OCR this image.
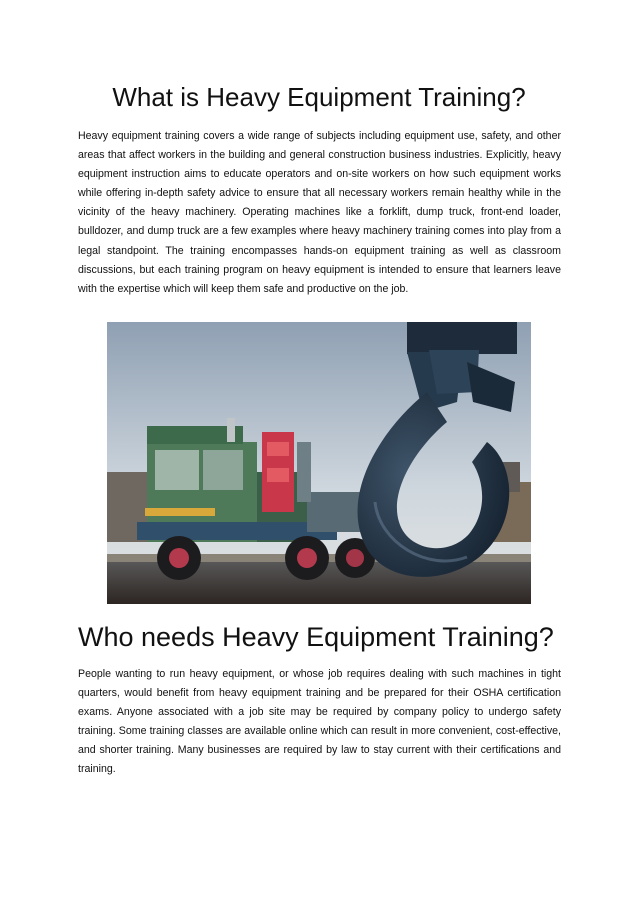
What is Heavy Equipment Training?

Heavy equipment training covers a wide range of subjects including equipment use, safety, and other areas that affect workers in the building and general construction business industries. Explicitly, heavy equipment instruction aims to educate operators and on-site workers on how such equipment works while offering in-depth safety advice to ensure that all necessary workers remain healthy while in the vicinity of the heavy machinery. Operating machines like a forklift, dump truck, front-end loader, bulldozer, and dump truck are a few examples where heavy machinery training comes into play from a legal standpoint. The training encompasses hands-on equipment training as well as classroom discussions, but each training program on heavy equipment is intended to ensure that learners leave with the expertise which will keep them safe and productive on the job.

Who needs Heavy Equipment Training?

People wanting to run heavy equipment, or whose job requires dealing with such machines in tight quarters, would benefit from heavy equipment training and be prepared for their OSHA certification exams. Anyone associated with a job site may be required by company policy to undergo safety training. Some training classes are available online which can result in more convenient, cost-effective, and shorter training. Many businesses are required by law to stay current with their certifications and training.
